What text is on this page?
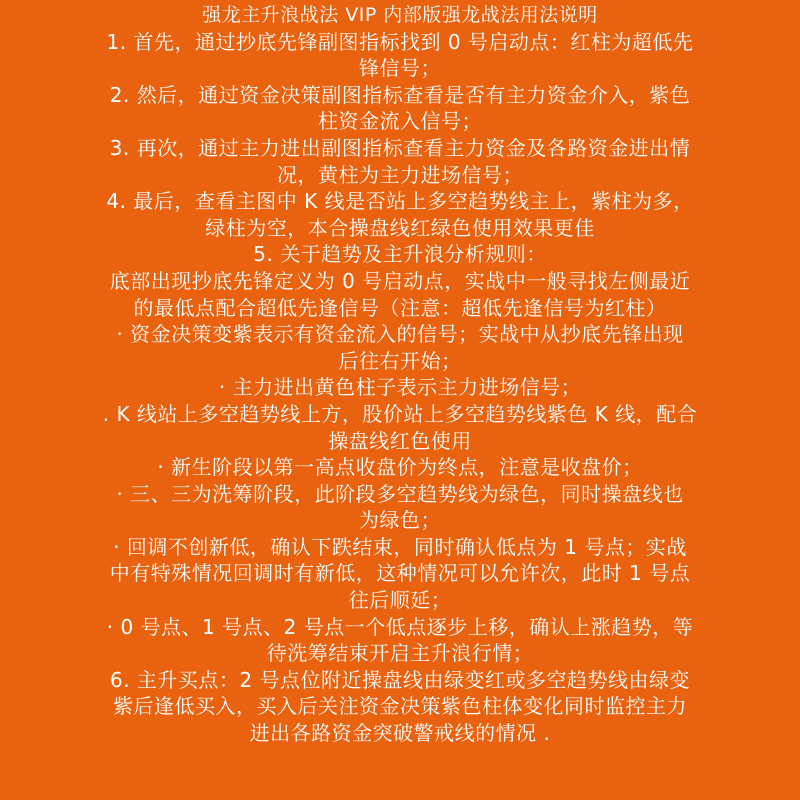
强龙主升浪战法 VIP 内部版强龙战法用法说明
1. 首先，通过抄底先锋副图指标找到 0 号启动点：红柱为超低先
锋信号；
2. 然后，通过资金决策副图指标查看是否有主力资金介入，紫色
柱资金流入信号；
3. 再次，通过主力进出副图指标查看主力资金及各路资金进出情
况，黄柱为主力进场信号；
4. 最后，查看主图中 K 线是否站上多空趋势线主上，紫柱为多，
绿柱为空，本合操盘线红绿色使用效果更佳
5. 关于趋势及主升浪分析规则：
底部出现抄底先锋定义为 0 号启动点，实战中一般寻找左侧最近
的最低点配合超低先逢信号（注意：超低先逢信号为红柱）
· 资金决策变紫表示有资金流入的信号；实战中从抄底先锋出现
后往右开始；
· 主力进出黄色柱子表示主力进场信号；
. K 线站上多空趋势线上方，股价站上多空趋势线紫色 K 线，配合
操盘线红色使用
· 新生阶段以第一高点收盘价为终点，注意是收盘价；
· 三、三为洗筹阶段，此阶段多空趋势线为绿色，同时操盘线也
为绿色；
· 回调不创新低，确认下跌结束，同时确认低点为 1 号点；实战
中有特殊情况回调时有新低，这种情况可以允许次，此时 1 号点
往后顺延；
· 0 号点、1 号点、2 号点一个低点逐步上移，确认上涨趋势，等
待洗筹结束开启主升浪行情；
6. 主升买点：2 号点位附近操盘线由绿变红或多空趋势线由绿变
紫后逢低买入，买入后关注资金决策紫色柱体变化同时监控主力
进出各路资金突破警戒线的情况 .
